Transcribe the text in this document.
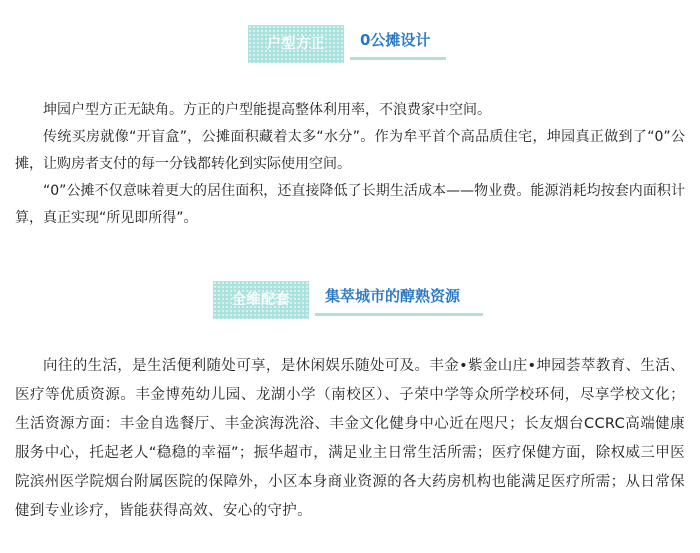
户型方正	0公摊设计

坤园户型方正无缺角。方正的户型能提高整体利用率，不浪费家中空间。

传统买房就像“开盲盒”，公摊面积藏着太多“水分”。作为牟平首个高品质住宅，坤园真正做到了“0”公摊，让购房者支付的每一分钱都转化到实际使用空间。

“0”公摊不仅意味着更大的居住面积，还直接降低了长期生活成本——物业费。能源消耗均按套内面积计算，真正实现“所见即所得”。

全维配套	集萃城市的醇熟资源

向往的生活，是生活便利随处可享，是休闲娱乐随处可及。丰金•紫金山庄•坤园荟萃教育、生活、医疗等优质资源。丰金博苑幼儿园、龙湖小学（南校区）、子荣中学等众所学校环伺，尽享学校文化；生活资源方面：丰金自选餐厅、丰金滨海洗浴、丰金文化健身中心近在咫尺；长友烟台CCRC高端健康服务中心，托起老人“稳稳的幸福”；振华超市，满足业主日常生活所需；医疗保健方面，除权威三甲医院滨州医学院烟台附属医院的保障外，小区本身商业资源的各大药房机构也能满足医疗所需；从日常保健到专业诊疗，皆能获得高效、安心的守护。
